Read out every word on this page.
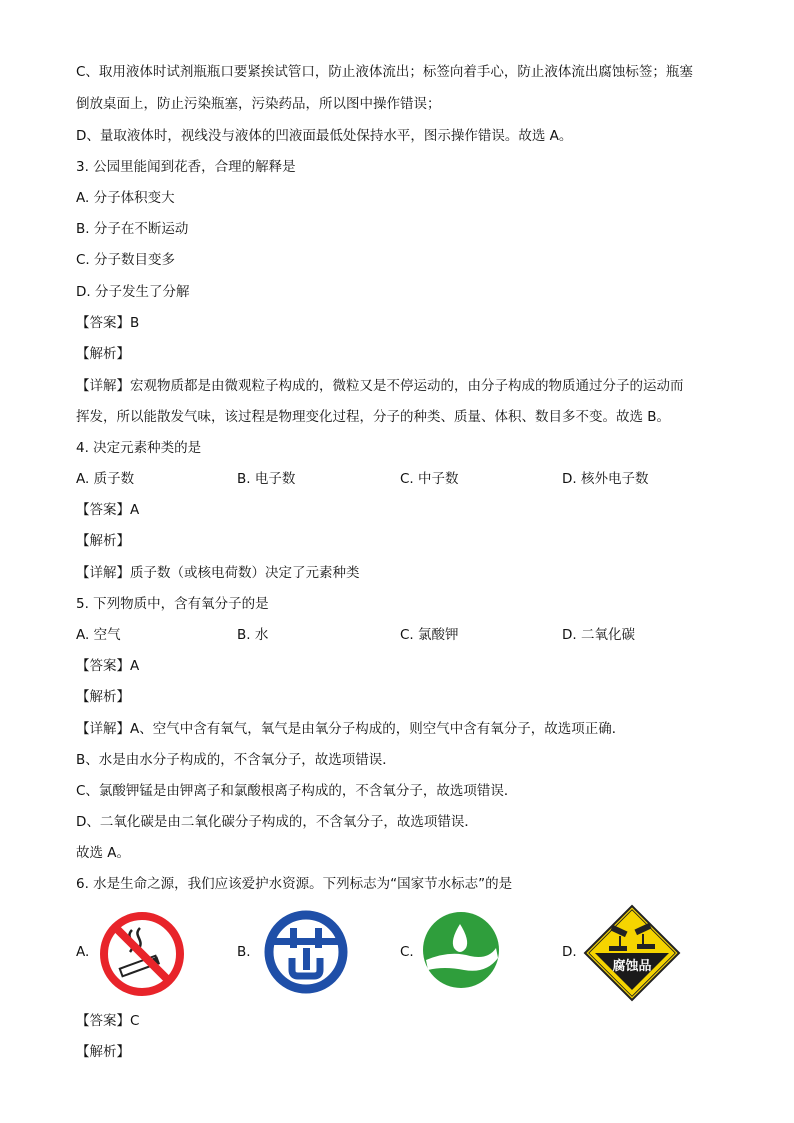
C、取用液体时试剂瓶瓶口要紧挨试管口，防止液体流出；标签向着手心，防止液体流出腐蚀标签；瓶塞
倒放桌面上，防止污染瓶塞，污染药品，所以图中操作错误；
D、量取液体时，视线没与液体的凹液面最低处保持水平，图示操作错误。故选 A。
3. 公园里能闻到花香，合理的解释是
A. 分子体积变大
B. 分子在不断运动
C. 分子数目变多
D. 分子发生了分解
【答案】B
【解析】
【详解】宏观物质都是由微观粒子构成的，微粒又是不停运动的，由分子构成的物质通过分子的运动而
挥发，所以能散发气味，该过程是物理变化过程，分子的种类、质量、体积、数目多不变。故选 B。
4. 决定元素种类的是
A. 质子数	B. 电子数	C. 中子数	D. 核外电子数
【答案】A
【解析】
【详解】质子数（或核电荷数）决定了元素种类
5. 下列物质中，含有氧分子的是
A. 空气	B. 水	C. 氯酸钾	D. 二氧化碳
【答案】A
【解析】
【详解】A、空气中含有氧气，氧气是由氧分子构成的，则空气中含有氧分子，故选项正确．
B、水是由水分子构成的，不含氧分子，故选项错误．
C、氯酸钾锰是由钾离子和氯酸根离子构成的，不含氧分子，故选项错误．
D、二氧化碳是由二氧化碳分子构成的，不含氧分子，故选项错误．
故选 A。
6. 水是生命之源，我们应该爱护水资源。下列标志为“国家节水标志”的是
A.	B.	C.	D.
腐蚀品
【答案】C
【解析】
